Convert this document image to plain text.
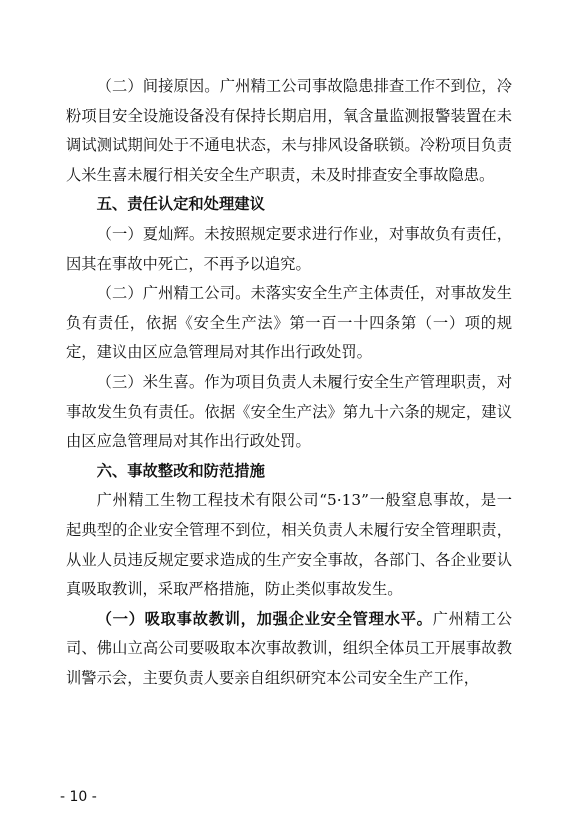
（二）间接原因。广州精工公司事故隐患排查工作不到位，冷粉项目安全设施设备没有保持长期启用，氧含量监测报警装置在未调试测试期间处于不通电状态，未与排风设备联锁。冷粉项目负责人米生喜未履行相关安全生产职责，未及时排查安全事故隐患。

五、责任认定和处理建议

（一）夏灿辉。未按照规定要求进行作业，对事故负有责任，因其在事故中死亡，不再予以追究。

（二）广州精工公司。未落实安全生产主体责任，对事故发生负有责任，依据《安全生产法》第一百一十四条第（一）项的规定，建议由区应急管理局对其作出行政处罚。

（三）米生喜。作为项目负责人未履行安全生产管理职责，对事故发生负有责任。依据《安全生产法》第九十六条的规定，建议由区应急管理局对其作出行政处罚。

六、事故整改和防范措施

广州精工生物工程技术有限公司“5·13”一般窒息事故，是一起典型的企业安全管理不到位，相关负责人未履行安全管理职责，从业人员违反规定要求造成的生产安全事故，各部门、各企业要认真吸取教训，采取严格措施，防止类似事故发生。

（一）吸取事故教训，加强企业安全管理水平。广州精工公司、佛山立高公司要吸取本次事故教训，组织全体员工开展事故教训警示会，主要负责人要亲自组织研究本公司安全生产工作，

- 10 -
